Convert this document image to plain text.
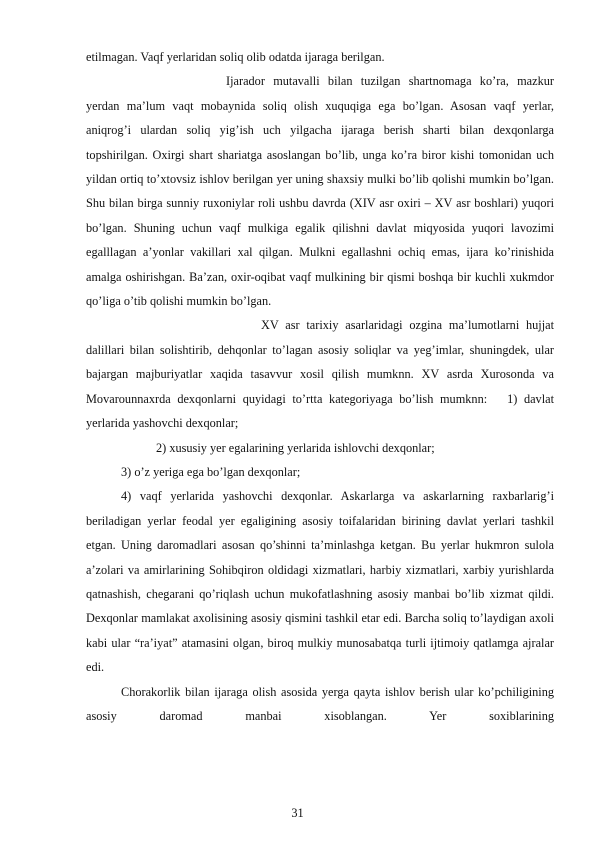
etilmagan. Vaqf yerlaridan soliq olib odatda ijaraga berilgan.

Ijarador mutavalli bilan tuzilgan shartnomaga ko’ra, mazkur yerdan ma’lum vaqt mobaynida soliq olish xuquqiga ega bo’lgan. Asosan vaqf yerlar, aniqrog’i ulardan soliq yig’ish uch yilgacha ijaraga berish sharti bilan dexqonlarga topshirilgan. Oxirgi shart shariatga asoslangan bo’lib, unga ko’ra biror kishi tomonidan uch yildan ortiq to’xtovsiz ishlov berilgan yer uning shaxsiy mulki bo’lib qolishi mumkin bo’lgan. Shu bilan birga sunniy ruxoniylar roli ushbu davrda (XIV asr oxiri – XV asr boshlari) yuqori bo’lgan. Shuning uchun vaqf mulkiga egalik qilishni davlat miqyosida yuqori lavozimi egalllagan a’yonlar vakillari xal qilgan. Mulkni egallashni ochiq emas, ijara ko’rinishida amalga oshirishgan. Ba’zan, oxir-oqibat vaqf mulkining bir qismi boshqa bir kuchli xukmdor qo’liga o’tib qolishi mumkin bo’lgan.

XV asr tarixiy asarlaridagi ozgina ma’lumotlarni hujjat dalillari bilan solishtirib, dehqonlar to’lagan asosiy soliqlar va yeg’imlar, shuningdek, ular bajargan majburiyatlar xaqida tasavvur xosil qilish mumknn. XV asrda Xurosonda va Movarounnaxrda dexqonlarni quyidagi to’rtta kategoriyaga bo’lish mumknn: 1) davlat yerlarida yashovchi dexqonlar;

2) xususiy yer egalarining yerlarida ishlovchi dexqonlar;
3) o’z yeriga ega bo’lgan dexqonlar;

4) vaqf yerlarida yashovchi dexqonlar. Askarlarga va askarlarning raxbarlarig’i beriladigan yerlar feodal yer egaligining asosiy toifalaridan birining davlat yerlari tashkil etgan. Uning daromadlari asosan qo’shinni ta’minlashga ketgan. Bu yerlar hukmron sulola a’zolari va amirlarining Sohibqiron oldidagi xizmatlari, harbiy xizmatlari, xarbiy yurishlarda qatnashish, chegarani qo’riqlash uchun mukofatlashning asosiy manbai bo’lib xizmat qildi. Dexqonlar mamlakat axolisining asosiy qismini tashkil etar edi. Barcha soliq to’laydigan axoli kabi ular “ra’iyat” atamasini olgan, biroq mulkiy munosabatqa turli ijtimoiy qatlamga ajralar edi.

Chorakorlik bilan ijaraga olish asosida yerga qayta ishlov berish ular ko’pchiligining asosiy daromad manbai xisoblangan. Yer soxiblarining

31
